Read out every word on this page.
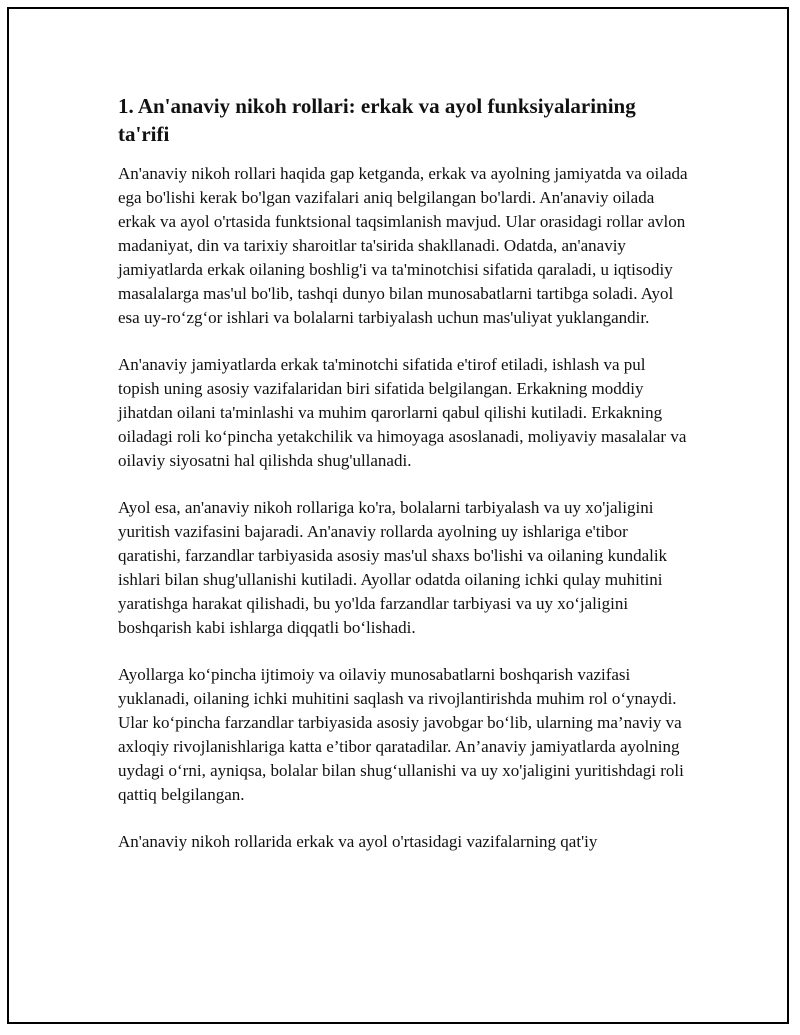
1. An'anaviy nikoh rollari: erkak va ayol funksiyalarining ta'rifi

An'anaviy nikoh rollari haqida gap ketganda, erkak va ayolning jamiyatda va oilada ega bo'lishi kerak bo'lgan vazifalari aniq belgilangan bo'lardi. An'anaviy oilada erkak va ayol o'rtasida funktsional taqsimlanish mavjud. Ular orasidagi rollar avlon madaniyat, din va tarixiy sharoitlar ta'sirida shakllanadi. Odatda, an'anaviy jamiyatlarda erkak oilaning boshlig'i va ta'minotchisi sifatida qaraladi, u iqtisodiy masalalarga mas'ul bo'lib, tashqi dunyo bilan munosabatlarni tartibga soladi. Ayol esa uy-ro‘zg‘or ishlari va bolalarni tarbiyalash uchun mas'uliyat yuklangandir.

An'anaviy jamiyatlarda erkak ta'minotchi sifatida e'tirof etiladi, ishlash va pul topish uning asosiy vazifalaridan biri sifatida belgilangan. Erkakning moddiy jihatdan oilani ta'minlashi va muhim qarorlarni qabul qilishi kutiladi. Erkakning oiladagi roli ko‘pincha yetakchilik va himoyaga asoslanadi, moliyaviy masalalar va oilaviy siyosatni hal qilishda shug'ullanadi.

Ayol esa, an'anaviy nikoh rollariga ko'ra, bolalarni tarbiyalash va uy xo'jaligini yuritish vazifasini bajaradi. An'anaviy rollarda ayolning uy ishlariga e'tibor qaratishi, farzandlar tarbiyasida asosiy mas'ul shaxs bo'lishi va oilaning kundalik ishlari bilan shug'ullanishi kutiladi. Ayollar odatda oilaning ichki qulay muhitini yaratishga harakat qilishadi, bu yo'lda farzandlar tarbiyasi va uy xo‘jaligini boshqarish kabi ishlarga diqqatli bo‘lishadi.

Ayollarga ko‘pincha ijtimoiy va oilaviy munosabatlarni boshqarish vazifasi yuklanadi, oilaning ichki muhitini saqlash va rivojlantirishda muhim rol o‘ynaydi. Ular ko‘pincha farzandlar tarbiyasida asosiy javobgar bo‘lib, ularning ma’naviy va axloqiy rivojlanishlariga katta e’tibor qaratadilar. An’anaviy jamiyatlarda ayolning uydagi o‘rni, ayniqsa, bolalar bilan shug‘ullanishi va uy xo'jaligini yuritishdagi roli qattiq belgilangan.

An'anaviy nikoh rollarida erkak va ayol o'rtasidagi vazifalarning qat'iy
